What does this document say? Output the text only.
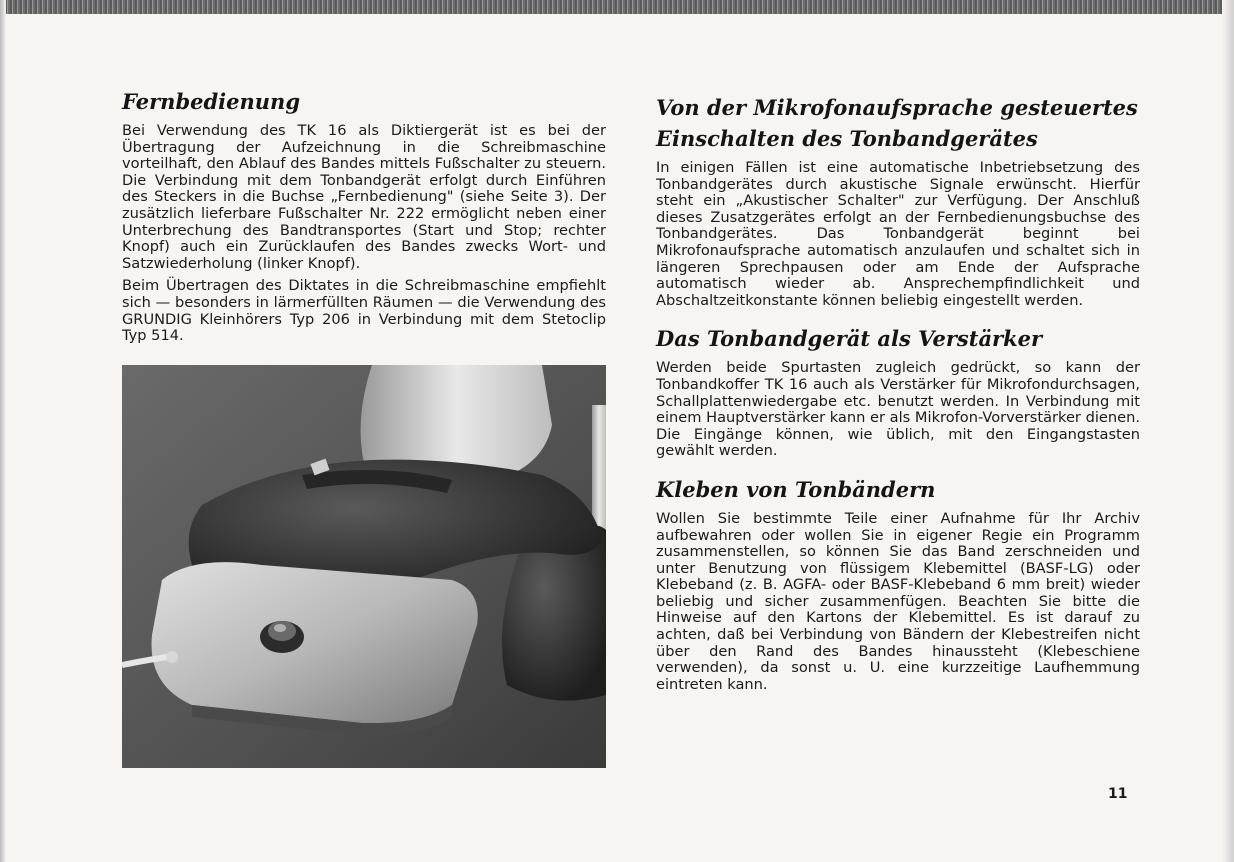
Fernbedienung

Bei Verwendung des TK 16 als Diktiergerät ist es bei der Übertragung der Aufzeichnung in die Schreibmaschine vorteilhaft, den Ablauf des Bandes mittels Fußschalter zu steuern. Die Verbindung mit dem Tonbandgerät erfolgt durch Einführen des Steckers in die Buchse „Fernbedienung" (siehe Seite 3). Der zusätzlich lieferbare Fußschalter Nr. 222 ermöglicht neben einer Unterbrechung des Bandtransportes (Start und Stop; rechter Knopf) auch ein Zurücklaufen des Bandes zwecks Wort- und Satzwiederholung (linker Knopf).

Beim Übertragen des Diktates in die Schreibmaschine empfiehlt sich — besonders in lärmerfüllten Räumen — die Verwendung des GRUNDIG Kleinhörers Typ 206 in Verbindung mit dem Stetoclip Typ 514.

Von der Mikrofonaufsprache gesteuertes Einschalten des Tonbandgerätes

In einigen Fällen ist eine automatische Inbetriebsetzung des Tonbandgerätes durch akustische Signale erwünscht. Hierfür steht ein „Akustischer Schalter" zur Verfügung. Der Anschluß dieses Zusatzgerätes erfolgt an der Fernbedienungsbuchse des Tonbandgerätes. Das Tonbandgerät beginnt bei Mikrofonaufsprache automatisch anzulaufen und schaltet sich in längeren Sprechpausen oder am Ende der Aufsprache automatisch wieder ab. Ansprechempfindlichkeit und Abschaltzeitkonstante können beliebig eingestellt werden.

Das Tonbandgerät als Verstärker

Werden beide Spurtasten zugleich gedrückt, so kann der Tonbandkoffer TK 16 auch als Verstärker für Mikrofondurchsagen, Schallplattenwiedergabe etc. benutzt werden. In Verbindung mit einem Hauptverstärker kann er als Mikrofon-Vorverstärker dienen. Die Eingänge können, wie üblich, mit den Eingangstasten gewählt werden.

Kleben von Tonbändern

Wollen Sie bestimmte Teile einer Aufnahme für Ihr Archiv aufbewahren oder wollen Sie in eigener Regie ein Programm zusammenstellen, so können Sie das Band zerschneiden und unter Benutzung von flüssigem Klebemittel (BASF-LG) oder Klebeband (z. B. AGFA- oder BASF-Klebeband 6 mm breit) wieder beliebig und sicher zusammenfügen. Beachten Sie bitte die Hinweise auf den Kartons der Klebemittel. Es ist darauf zu achten, daß bei Verbindung von Bändern der Klebestreifen nicht über den Rand des Bandes hinaussteht (Klebeschiene verwenden), da sonst u. U. eine kurzzeitige Laufhemmung eintreten kann.

11
